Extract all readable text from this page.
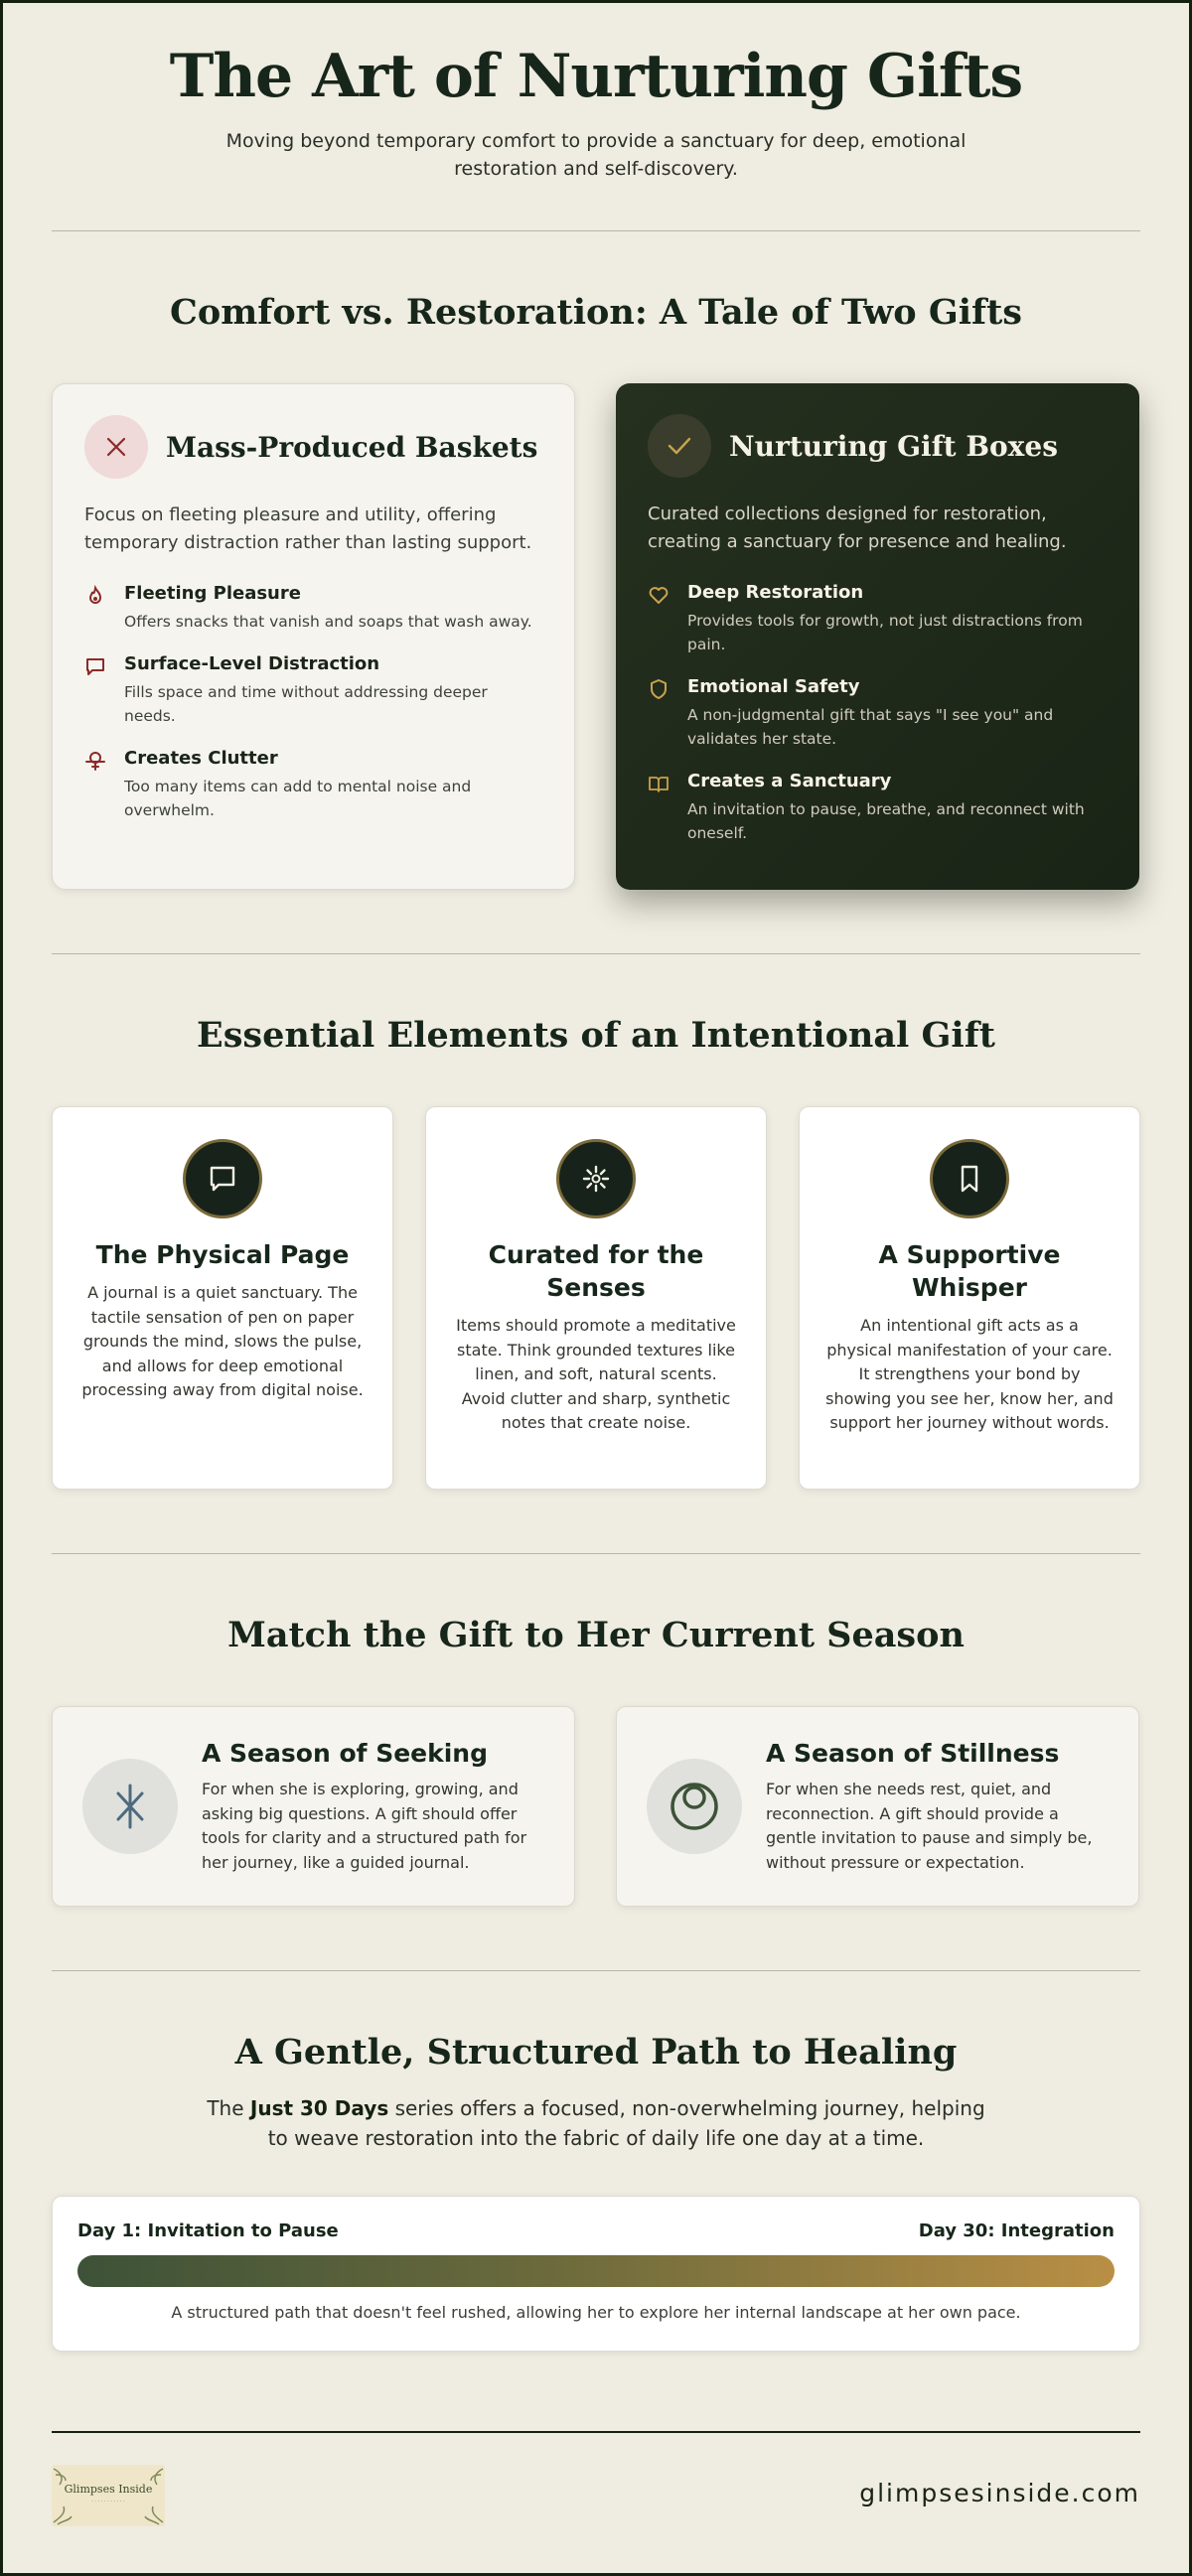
The Art of Nurturing Gifts

Moving beyond temporary comfort to provide a sanctuary for deep, emotional restoration and self-discovery.

Comfort vs. Restoration: A Tale of Two Gifts
Mass-Produced Baskets

Focus on fleeting pleasure and utility, offering temporary distraction rather than lasting support.

Fleeting Pleasure
Offers snacks that vanish and soaps that wash away.
Surface-Level Distraction
Fills space and time without addressing deeper needs.
Creates Clutter
Too many items can add to mental noise and overwhelm.
Nurturing Gift Boxes

Curated collections designed for restoration, creating a sanctuary for presence and healing.

Deep Restoration
Provides tools for growth, not just distractions from pain.
Emotional Safety
A non-judgmental gift that says "I see you" and validates her state.
Creates a Sanctuary
An invitation to pause, breathe, and reconnect with oneself.
Essential Elements of an Intentional Gift
The Physical Page

A journal is a quiet sanctuary. The tactile sensation of pen on paper grounds the mind, slows the pulse, and allows for deep emotional processing away from digital noise.

Curated for the Senses

Items should promote a meditative state. Think grounded textures like linen, and soft, natural scents. Avoid clutter and sharp, synthetic notes that create noise.

A Supportive Whisper

An intentional gift acts as a physical manifestation of your care. It strengthens your bond by showing you see her, know her, and support her journey without words.

Match the Gift to Her Current Season
A Season of Seeking

For when she is exploring, growing, and asking big questions. A gift should offer tools for clarity and a structured path for her journey, like a guided journal.

A Season of Stillness

For when she needs rest, quiet, and reconnection. A gift should provide a gentle invitation to pause and simply be, without pressure or expectation.

A Gentle, Structured Path to Healing

The Just 30 Days series offers a focused, non-overwhelming journey, helping to weave restoration into the fabric of daily life one day at a time.

Day 1: Invitation to Pause	Day 30: Integration

A structured path that doesn't feel rushed, allowing her to explore her internal landscape at her own pace.

Glimpses Inside
· · · · · · · · · · ·	glimpsesinside.com
